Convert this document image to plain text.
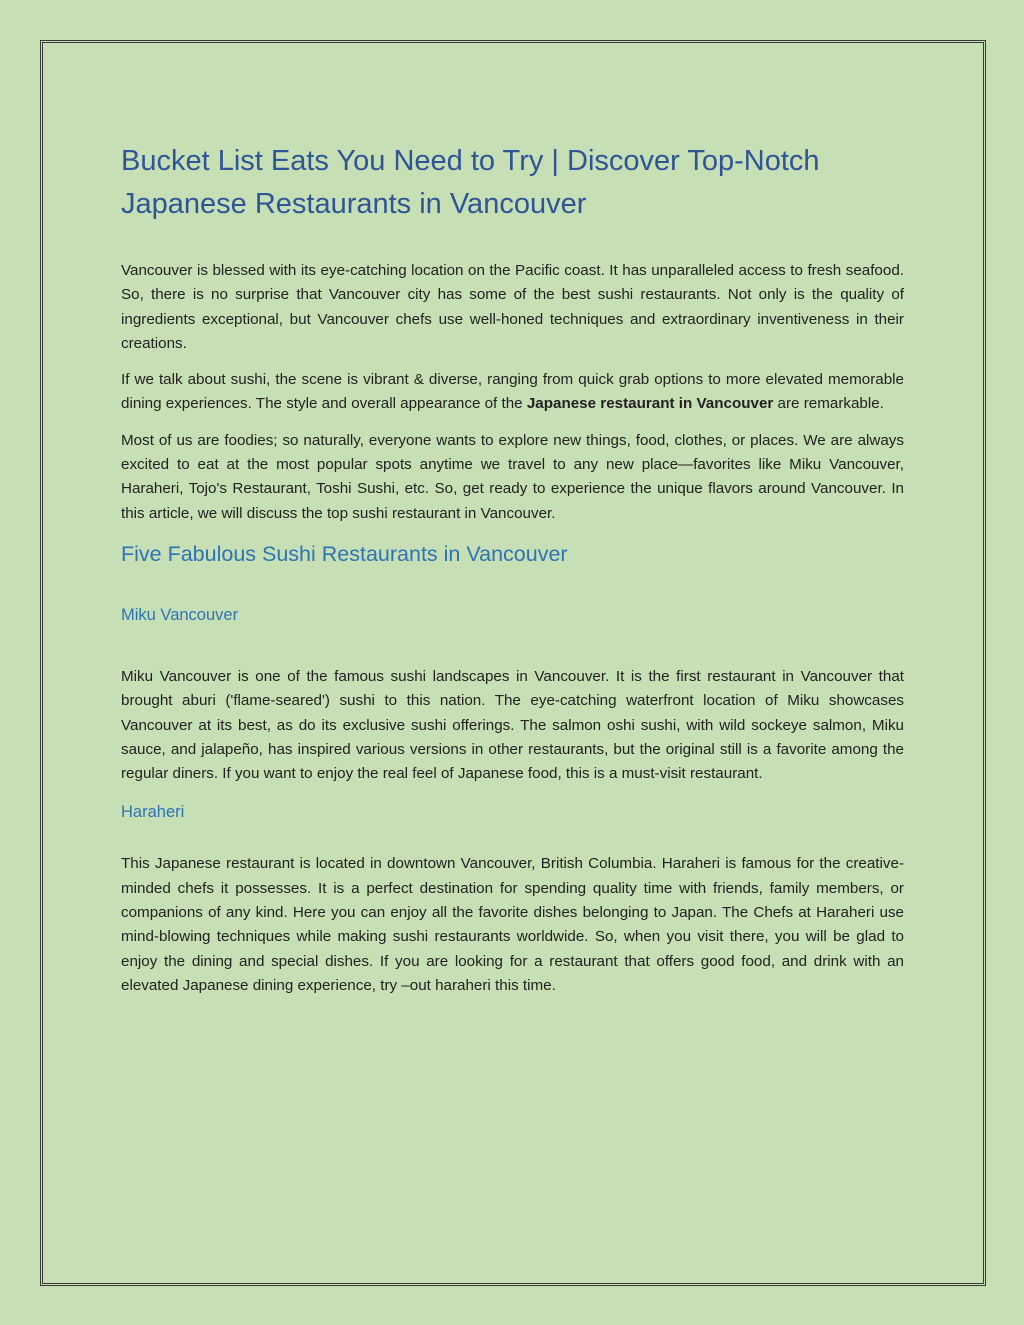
Bucket List Eats You Need to Try | Discover Top-Notch
Japanese Restaurants in Vancouver

Vancouver is blessed with its eye-catching location on the Pacific coast. It has unparalleled access to fresh seafood. So, there is no surprise that Vancouver city has some of the best sushi restaurants. Not only is the quality of ingredients exceptional, but Vancouver chefs use well-honed techniques and extraordinary inventiveness in their creations.

If we talk about sushi, the scene is vibrant & diverse, ranging from quick grab options to more elevated memorable dining experiences. The style and overall appearance of the Japanese restaurant in Vancouver are remarkable.

Most of us are foodies; so naturally, everyone wants to explore new things, food, clothes, or places. We are always excited to eat at the most popular spots anytime we travel to any new place—favorites like Miku Vancouver, Haraheri, Tojo's Restaurant, Toshi Sushi, etc. So, get ready to experience the unique flavors around Vancouver. In this article, we will discuss the top sushi restaurant in Vancouver.

Five Fabulous Sushi Restaurants in Vancouver
Miku Vancouver

Miku Vancouver is one of the famous sushi landscapes in Vancouver. It is the first restaurant in Vancouver that brought aburi ('flame-seared') sushi to this nation. The eye-catching waterfront location of Miku showcases Vancouver at its best, as do its exclusive sushi offerings. The salmon oshi sushi, with wild sockeye salmon, Miku sauce, and jalapeño, has inspired various versions in other restaurants, but the original still is a favorite among the regular diners. If you want to enjoy the real feel of Japanese food, this is a must-visit restaurant.

Haraheri

This Japanese restaurant is located in downtown Vancouver, British Columbia. Haraheri is famous for the creative-minded chefs it possesses. It is a perfect destination for spending quality time with friends, family members, or companions of any kind. Here you can enjoy all the favorite dishes belonging to Japan. The Chefs at Haraheri use mind-blowing techniques while making sushi restaurants worldwide. So, when you visit there, you will be glad to enjoy the dining and special dishes. If you are looking for a restaurant that offers good food, and drink with an elevated Japanese dining experience, try –out haraheri this time.
